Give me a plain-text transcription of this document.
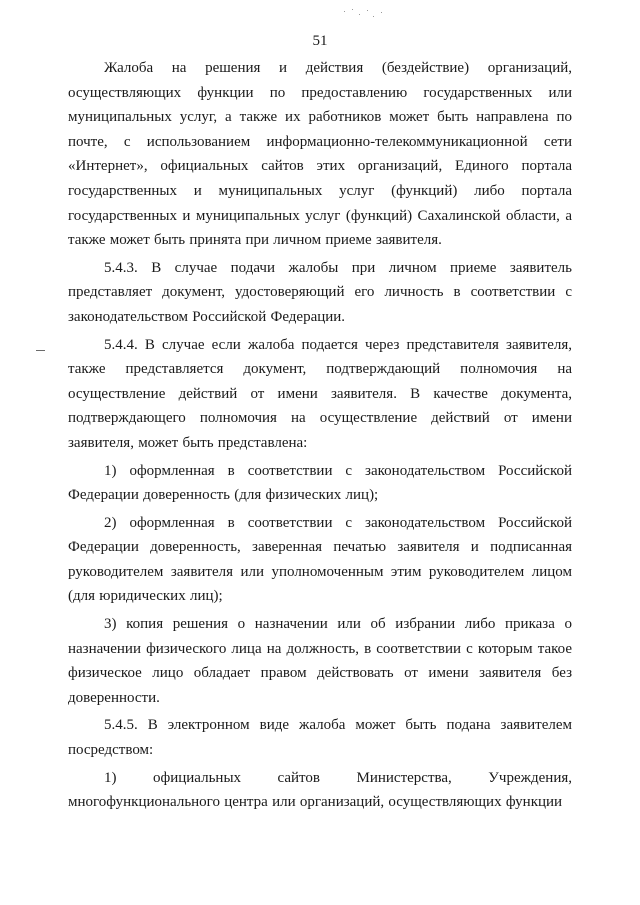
51

Жалоба на решения и действия (бездействие) организаций, осуществляющих функции по предоставлению государственных или муниципальных услуг, а также их работников может быть направлена по почте, с использованием информационно-телекоммуникационной сети «Интернет», официальных сайтов этих организаций, Единого портала государственных и муниципальных услуг (функций) либо портала государственных и муниципальных услуг (функций) Сахалинской области, а также может быть принята при личном приеме заявителя.

5.4.3. В случае подачи жалобы при личном приеме заявитель представляет документ, удостоверяющий его личность в соответствии с законодательством Российской Федерации.

5.4.4. В случае если жалоба подается через представителя заявителя, также представляется документ, подтверждающий полномочия на осуществление действий от имени заявителя. В качестве документа, подтверждающего полномочия на осуществление действий от имени заявителя, может быть представлена:

1) оформленная в соответствии с законодательством Российской Федерации доверенность (для физических лиц);

2) оформленная в соответствии с законодательством Российской Федерации доверенность, заверенная печатью заявителя и подписанная руководителем заявителя или уполномоченным этим руководителем лицом (для юридических лиц);

3) копия решения о назначении или об избрании либо приказа о назначении физического лица на должность, в соответствии с которым такое физическое лицо обладает правом действовать от имени заявителя без доверенности.

5.4.5. В электронном виде жалоба может быть подана заявителем посредством:

1) официальных сайтов Министерства, Учреждения, многофункционального центра или организаций, осуществляющих функции
